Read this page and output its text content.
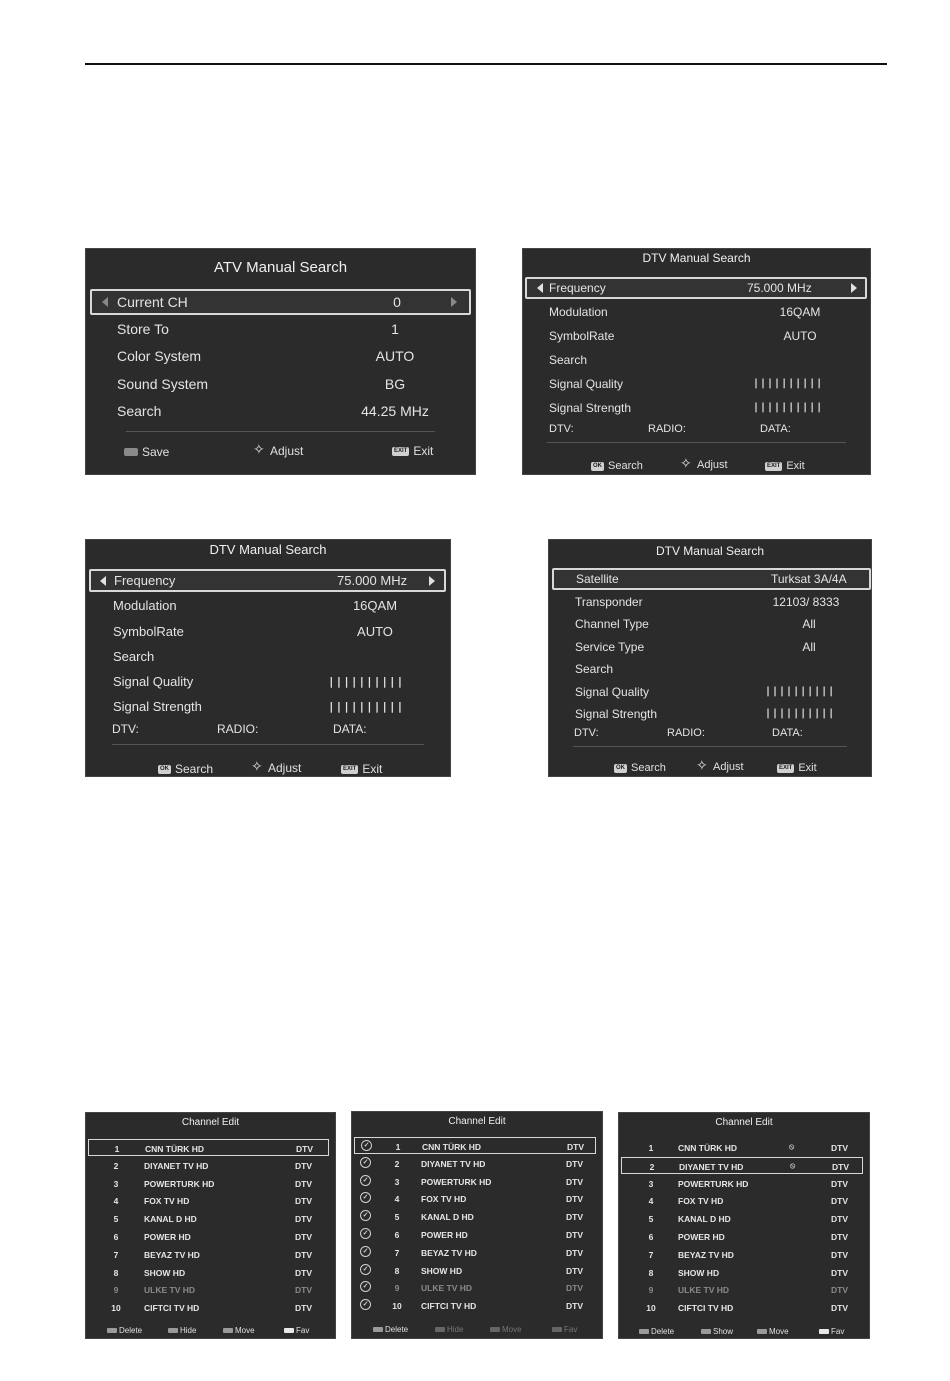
ATV Manual Search
Current CH	0
Store To	1
Color System	AUTO
Sound System	BG
Search	44.25 MHz
Save ✧	Adjust	EXIT Exit
DTV Manual Search
Frequency	75.000 MHz
Modulation	16QAM
SymbolRate	AUTO
Search
Signal Quality	||||||||||
Signal Strength	||||||||||
DTV:	RADIO:	DATA:
OK Search ✧	Adjust	EXIT Exit
DTV Manual Search
Frequency	75.000 MHz
Modulation	16QAM
SymbolRate	AUTO
Search
Signal Quality	||||||||||
Signal Strength	||||||||||
DTV:	RADIO:	DATA:
OK Search ✧	Adjust	EXIT Exit
DTV Manual Search
Satellite	Turksat 3A/4A
Transponder	12103/ 8333
Channel Type	All
Service Type	All
Search
Signal Quality	||||||||||
Signal Strength	||||||||||
DTV:	RADIO:	DATA:
OK Search ✧	Adjust	EXIT Exit
Channel Edit
1	CNN TÜRK HD	DTV
2	DIYANET TV HD	DTV
3	POWERTURK HD	DTV
4	FOX TV HD	DTV
5	KANAL D HD	DTV
6	POWER HD	DTV
7	BEYAZ TV HD	DTV
8	SHOW HD	DTV
9	ULKE TV HD	DTV
10	CIFTCI TV HD	DTV
Delete	Hide	Move	Fav
Channel Edit
✓	1	CNN TÜRK HD	DTV
✓	2	DIYANET TV HD	DTV
✓	3	POWERTURK HD	DTV
✓	4	FOX TV HD	DTV
✓	5	KANAL D HD	DTV
✓	6	POWER HD	DTV
✓	7	BEYAZ TV HD	DTV
✓	8	SHOW HD	DTV
✓	9	ULKE TV HD	DTV
✓	10	CIFTCI TV HD	DTV
Delete	Hide	Move	Fav
Channel Edit
1	CNN TÜRK HD	⦸	DTV
2	DIYANET TV HD	⦸	DTV
3	POWERTURK HD	DTV
4	FOX TV HD	DTV
5	KANAL D HD	DTV
6	POWER HD	DTV
7	BEYAZ TV HD	DTV
8	SHOW HD	DTV
9	ULKE TV HD	DTV
10	CIFTCI TV HD	DTV
Delete	Show	Move	Fav
